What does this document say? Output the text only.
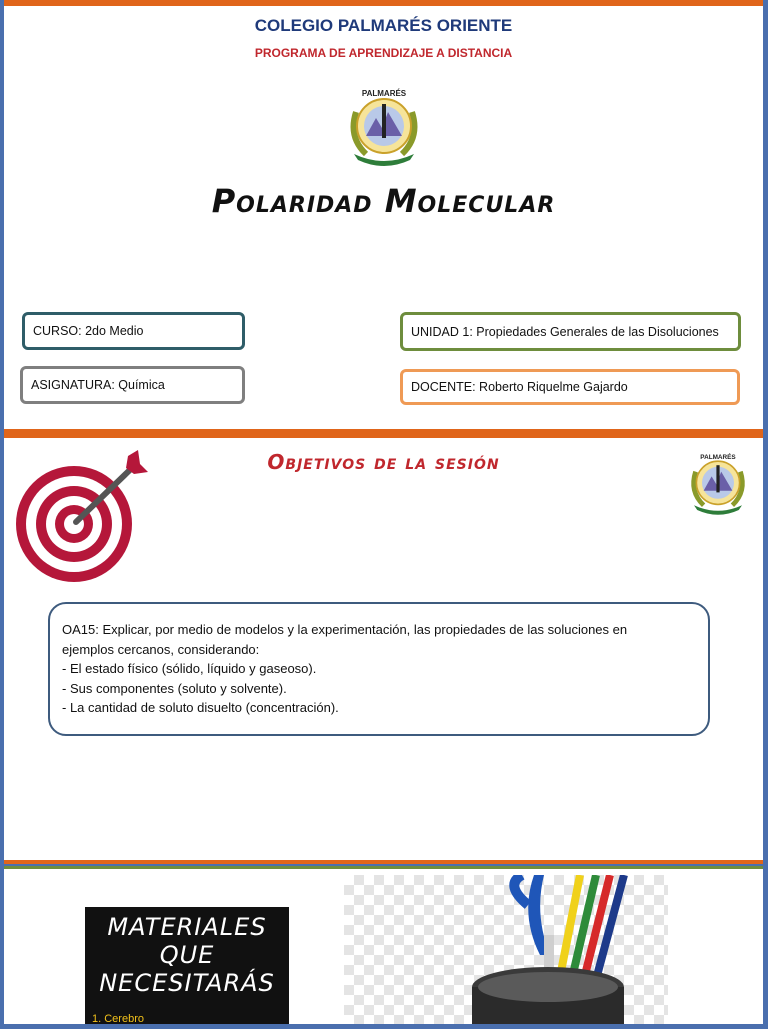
COLEGIO PALMARÉS ORIENTE
PROGRAMA DE APRENDIZAJE A DISTANCIA
PALMARÉS
Polaridad Molecular
CURSO: 2do Medio
ASIGNATURA: Química
UNIDAD 1: Propiedades Generales de las Disoluciones
DOCENTE: Roberto Riquelme Gajardo
Objetivos de la sesión	PALMARÉS
OA15: Explicar, por medio de modelos y la experimentación, las propiedades de las soluciones en
ejemplos cercanos, considerando:
- El estado físico (sólido, líquido y gaseoso).
- Sus componentes (soluto y solvente).
- La cantidad de soluto disuelto (concentración).
MATERIALES
QUE
NECESITARÁS
1. Cerebro
